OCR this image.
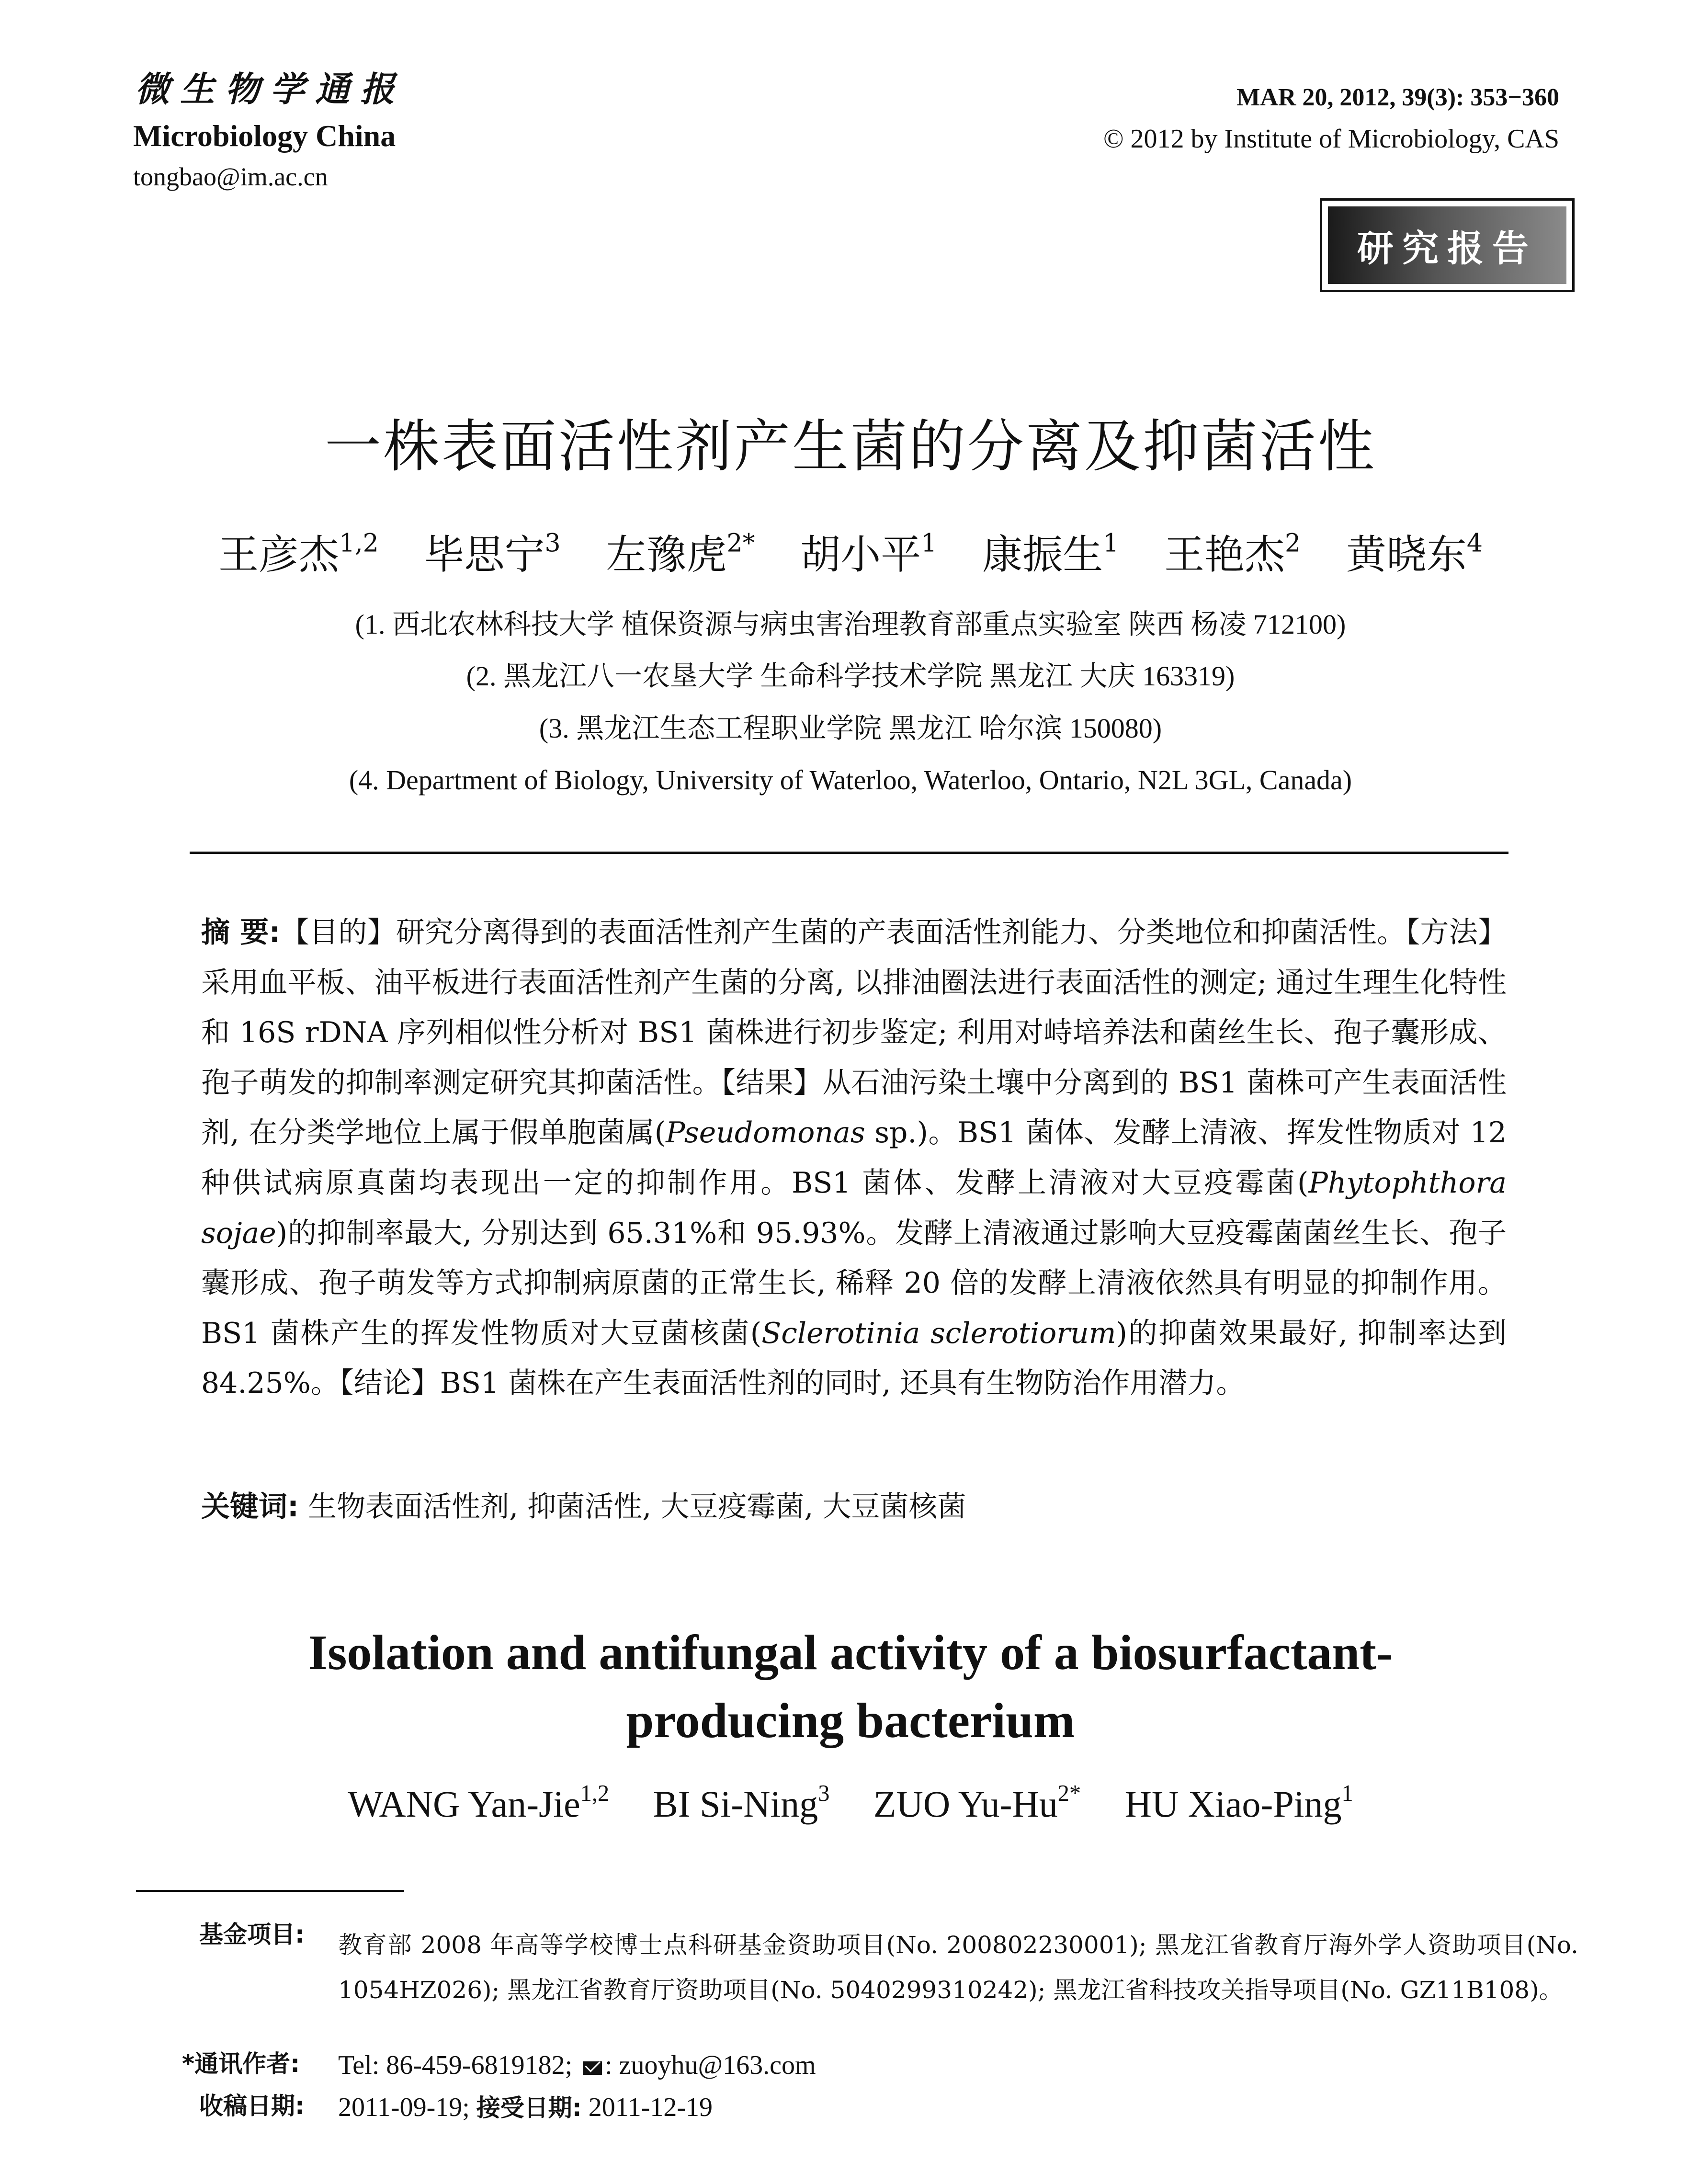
微生物学通报
Microbiology China
tongbao@im.ac.cn
MAR 20, 2012, 39(3): 353−360
© 2012 by Institute of Microbiology, CAS
研究报告
一株表面活性剂产生菌的分离及抑菌活性
王彦杰$^{1,2}$ 毕思宁$^3$ 左豫虎$^{2*}$ 胡小平$^1$ 康振生$^1$ 王艳杰$^2$ 黄晓东$^4$
(1. 西北农林科技大学 植保资源与病虫害治理教育部重点实验室 陕西 杨凌 712100)
(2. 黑龙江八一农垦大学 生命科学技术学院 黑龙江 大庆 163319)
(3. 黑龙江生态工程职业学院 黑龙江 哈尔滨 150080)
(4. Department of Biology, University of Waterloo, Waterloo, Ontario, N2L 3GL, Canada)
摘 要:【目的】研究分离得到的表面活性剂产生菌的产表面活性剂能力、分类地位和抑菌活性。【方法】采用血平板、油平板进行表面活性剂产生菌的分离, 以排油圈法进行表面活性的测定; 通过生理生化特性和 16S rDNA 序列相似性分析对 BS1 菌株进行初步鉴定; 利用对峙培养法和菌丝生长、孢子囊形成、孢子萌发的抑制率测定研究其抑菌活性。【结果】从石油污染土壤中分离到的 BS1 菌株可产生表面活性剂, 在分类学地位上属于假单胞菌属(Pseudomonas sp.)。BS1 菌体、发酵上清液、挥发性物质对 12 种供试病原真菌均表现出一定的抑制作用。BS1 菌体、发酵上清液对大豆疫霉菌(Phytophthora sojae)的抑制率最大, 分别达到 65.31%和 95.93%。发酵上清液通过影响大豆疫霉菌菌丝生长、孢子囊形成、孢子萌发等方式抑制病原菌的正常生长, 稀释 20 倍的发酵上清液依然具有明显的抑制作用。BS1 菌株产生的挥发性物质对大豆菌核菌(Sclerotinia sclerotiorum)的抑菌效果最好, 抑制率达到 84.25%。【结论】BS1 菌株在产生表面活性剂的同时, 还具有生物防治作用潜力。
关键词: 生物表面活性剂, 抑菌活性, 大豆疫霉菌, 大豆菌核菌
Isolation and antifungal activity of a biosurfactant-
producing bacterium
WANG Yan-Jie$^{1,2}$ BI Si-Ning$^3$ ZUO $Yu-Hu^{2*}$ HU Xiao-Ping$^1$
基金项目: 教育部 2008 年高等学校博士点科研基金资助项目(No. 200802230001); 黑龙江省教育厅海外学人资助项目(No. 1054HZ026); 黑龙江省教育厅资助项目(No. 5040299310242); 黑龙江省科技攻关指导项目(No. GZ11B108)。
*通讯作者: Tel: 86-459-6819182; : zuoyhu@163.com
收稿日期: 2011-09-19; 接受日期: 2011-12-19
